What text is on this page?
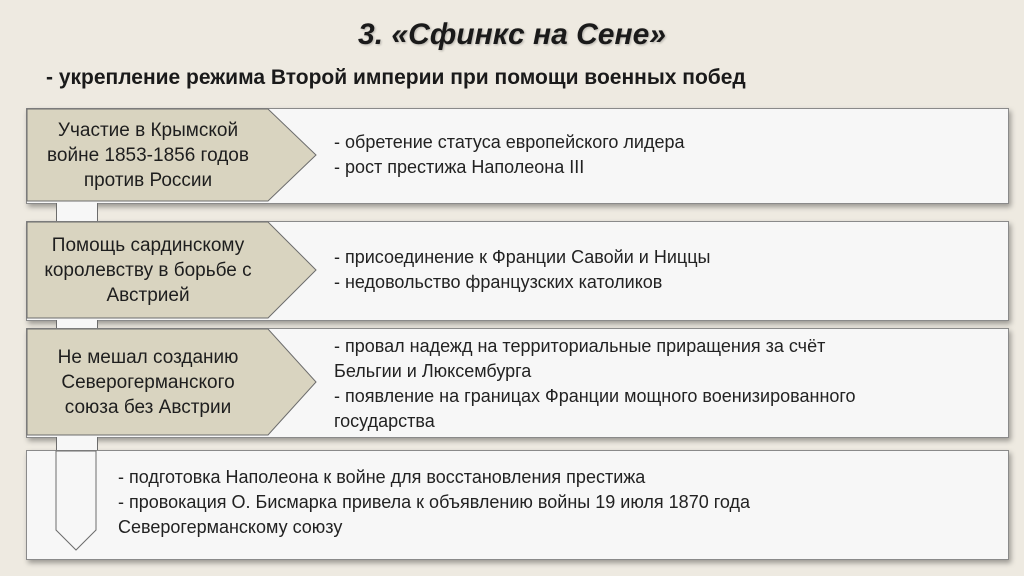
3. «Сфинкс на Сене»
- укрепление режима Второй империи при помощи военных побед
Участие в Крымской
войне 1853-1856 годов
против России
Помощь сардинскому
королевству в борьбе с
Австрией
Не мешал созданию
Северогерманского
союза без Австрии
- обретение статуса европейского лидера
- рост престижа Наполеона III
- присоединение к Франции Савойи и Ниццы
- недовольство французских католиков
- провал надежд на территориальные приращения за счёт
Бельгии и Люксембурга
- появление на границах Франции мощного военизированного
государства
- подготовка Наполеона к войне для восстановления престижа
- провокация О. Бисмарка привела к объявлению войны 19 июля 1870 года
Северогерманскому союзу
